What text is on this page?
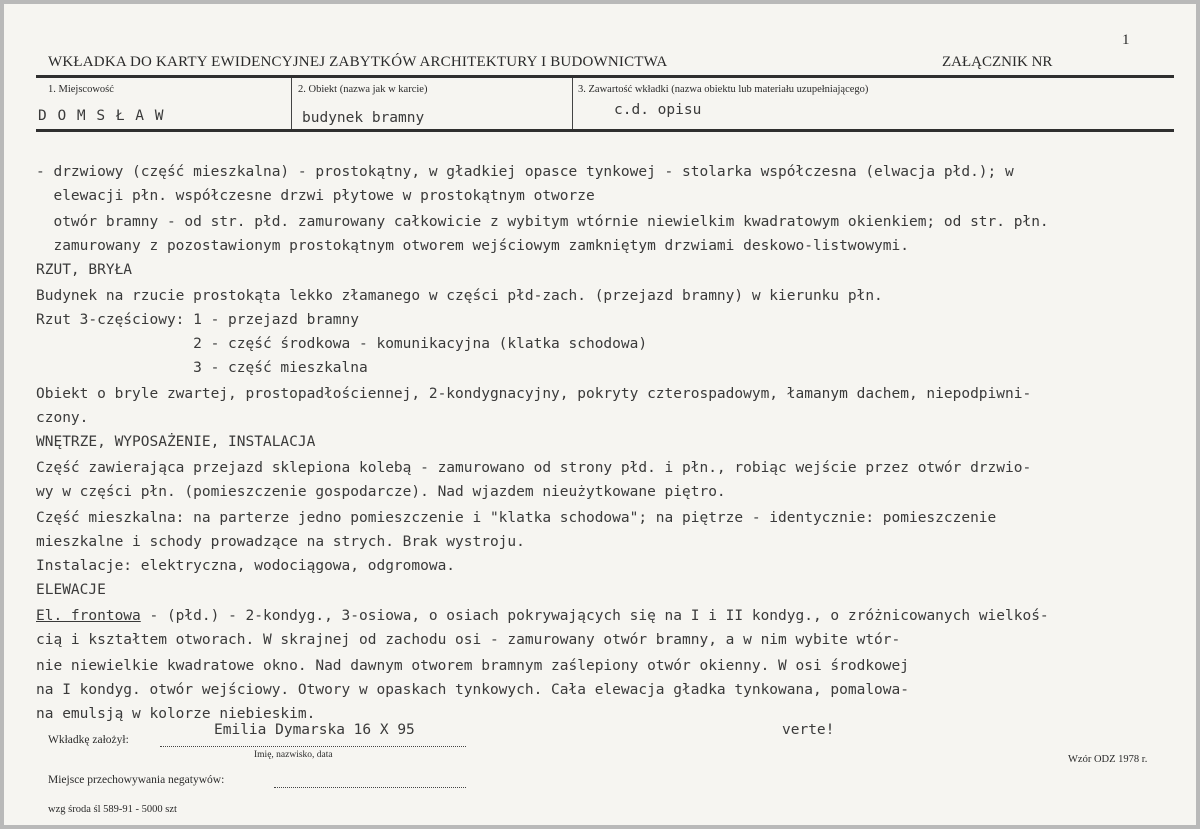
1
WKŁADKA DO KARTY EWIDENCYJNEJ ZABYTKÓW ARCHITEKTURY I BUDOWNICTWA	ZAŁĄCZNIK NR
1. Miejscowość
D O M S Ł A W
2. Obiekt (nazwa jak w karcie)
budynek bramny
3. Zawartość wkładki (nazwa obiektu lub materiału uzupełniającego)
c.d. opisu
- drzwiowy (część mieszkalna) - prostokątny, w gładkiej opasce tynkowej - stolarka współczesna (elwacja płd.); w
elewacji płn. współczesne drzwi płytowe w prostokątnym otworze
otwór bramny - od str. płd. zamurowany całkowicie z wybitym wtórnie niewielkim kwadratowym okienkiem; od str. płn.
zamurowany z pozostawionym prostokątnym otworem wejściowym zamkniętym drzwiami deskowo-listwowymi.
RZUT, BRYŁA
Budynek na rzucie prostokąta lekko złamanego w części płd-zach. (przejazd bramny) w kierunku płn.
Rzut 3-częściowy: 1 - przejazd bramny
2 - część środkowa - komunikacyjna (klatka schodowa)
3 - część mieszkalna
Obiekt o bryle zwartej, prostopadłościennej, 2-kondygnacyjny, pokryty czterospadowym, łamanym dachem, niepodpiwni-
czony.
WNĘTRZE, WYPOSAŻENIE, INSTALACJA
Część zawierająca przejazd sklepiona kolebą - zamurowano od strony płd. i płn., robiąc wejście przez otwór drzwio-
wy w części płn. (pomieszczenie gospodarcze). Nad wjazdem nieużytkowane piętro.
Część mieszkalna: na parterze jedno pomieszczenie i "klatka schodowa"; na piętrze - identycznie: pomieszczenie
mieszkalne i schody prowadzące na strych. Brak wystroju.
Instalacje: elektryczna, wodociągowa, odgromowa.
ELEWACJE
El. frontowa - (płd.) - 2-kondyg., 3-osiowa, o osiach pokrywających się na I i II kondyg., o zróżnicowanych wielkoś-
cią i kształtem otworach. W skrajnej od zachodu osi - zamurowany otwór bramny, a w nim wybite wtór-
nie niewielkie kwadratowe okno. Nad dawnym otworem bramnym zaślepiony otwór okienny. W osi środkowej
na I kondyg. otwór wejściowy. Otwory w opaskach tynkowych. Cała elewacja gładka tynkowana, pomalowa-
na emulsją w kolorze niebieskim.
Wkładkę założył:
Emilia Dymarska 16 X 95
Imię, nazwisko, data
verte!
Wzór ODZ 1978 r.
Miejsce przechowywania negatywów:
wzg środa śl 589-91 - 5000 szt
